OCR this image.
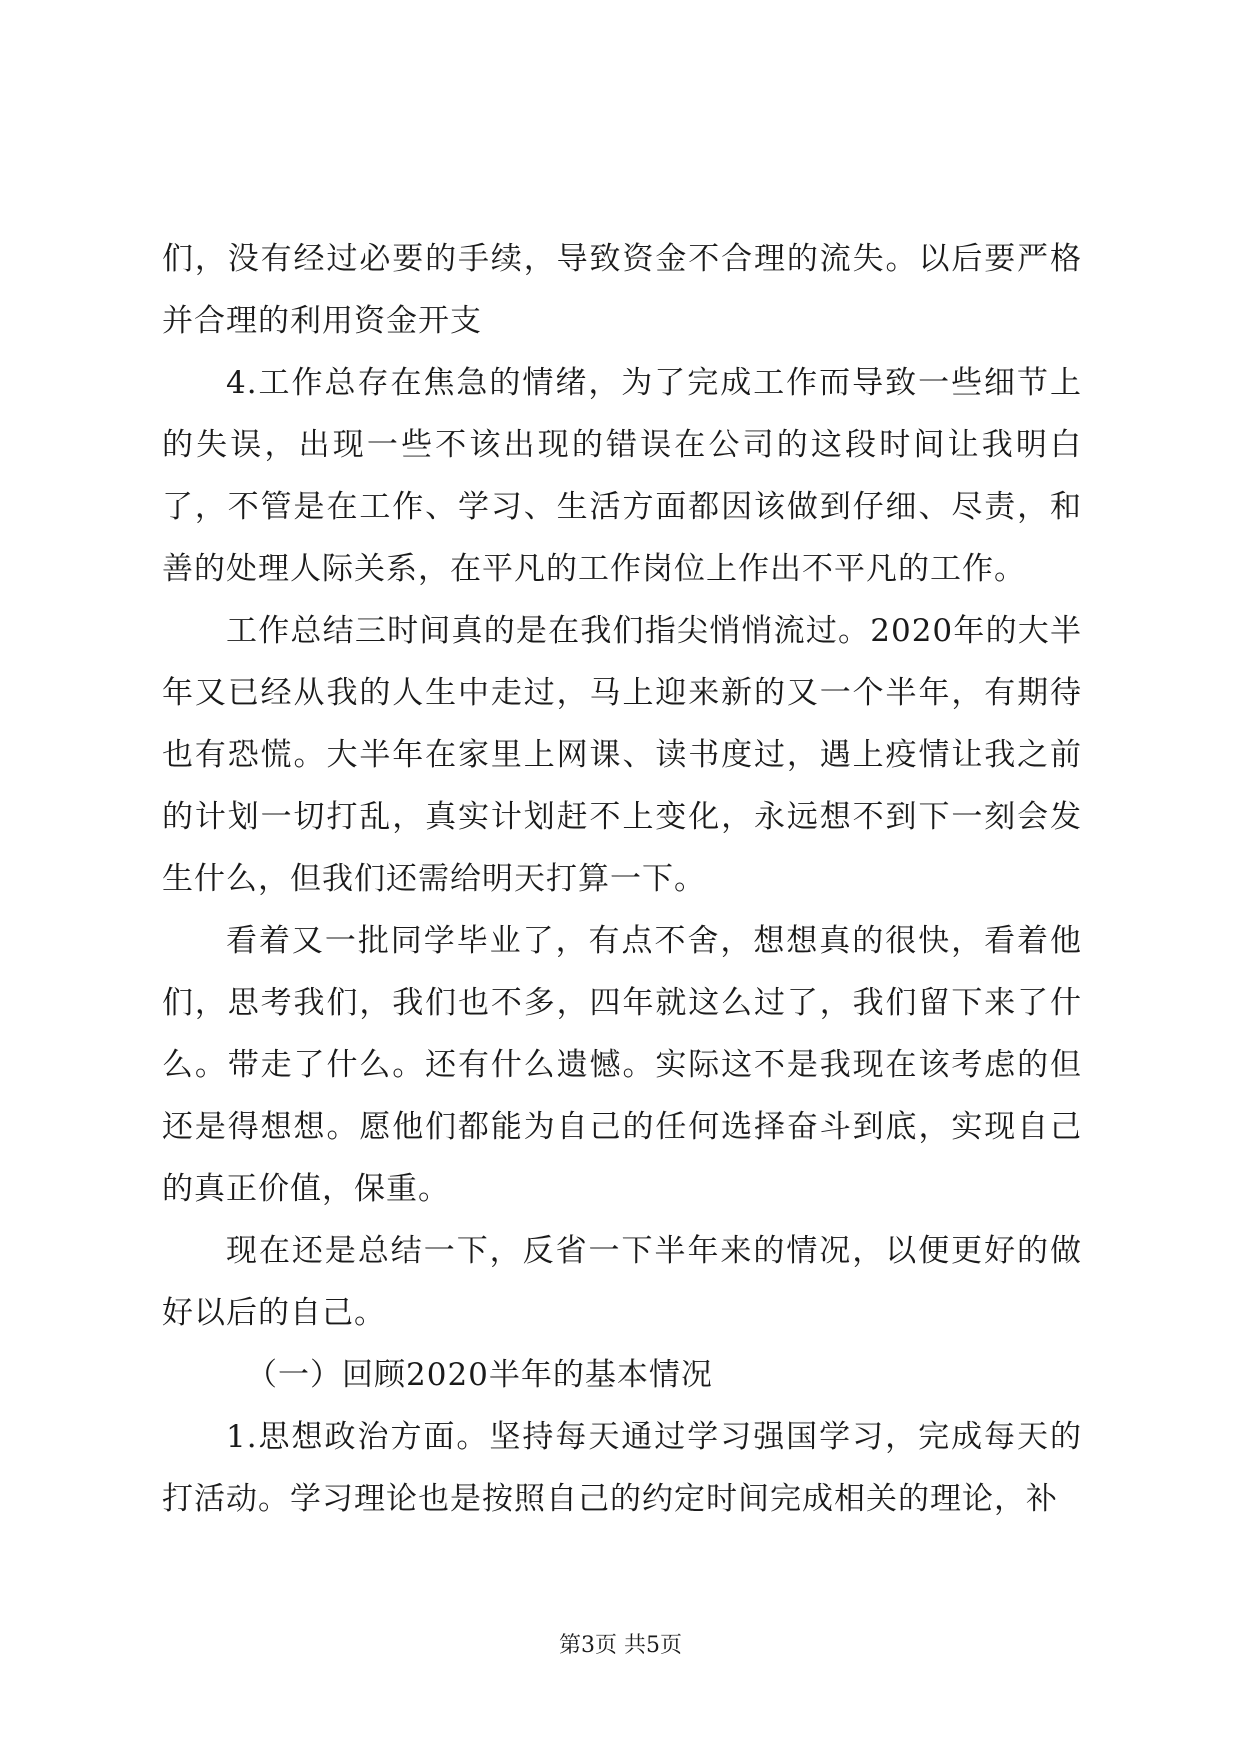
们，没有经过必要的手续，导致资金不合理的流失。以后要严格并合理的利用资金开支

4.工作总存在焦急的情绪，为了完成工作而导致一些细节上的失误，出现一些不该出现的错误在公司的这段时间让我明白了，不管是在工作、学习、生活方面都因该做到仔细、尽责，和善的处理人际关系，在平凡的工作岗位上作出不平凡的工作。

工作总结三时间真的是在我们指尖悄悄流过。2020年的大半年又已经从我的人生中走过，马上迎来新的又一个半年，有期待也有恐慌。大半年在家里上网课、读书度过，遇上疫情让我之前的计划一切打乱，真实计划赶不上变化，永远想不到下一刻会发生什么，但我们还需给明天打算一下。

看着又一批同学毕业了，有点不舍，想想真的很快，看着他们，思考我们，我们也不多，四年就这么过了，我们留下来了什么。带走了什么。还有什么遗憾。实际这不是我现在该考虑的但还是得想想。愿他们都能为自己的任何选择奋斗到底，实现自己的真正价值，保重。

现在还是总结一下，反省一下半年来的情况，以便更好的做好以后的自己。

（一）回顾2020半年的基本情况

1.思想政治方面。坚持每天通过学习强国学习，完成每天的打活动。学习理论也是按照自己的约定时间完成相关的理论，补

第3页 共5页
